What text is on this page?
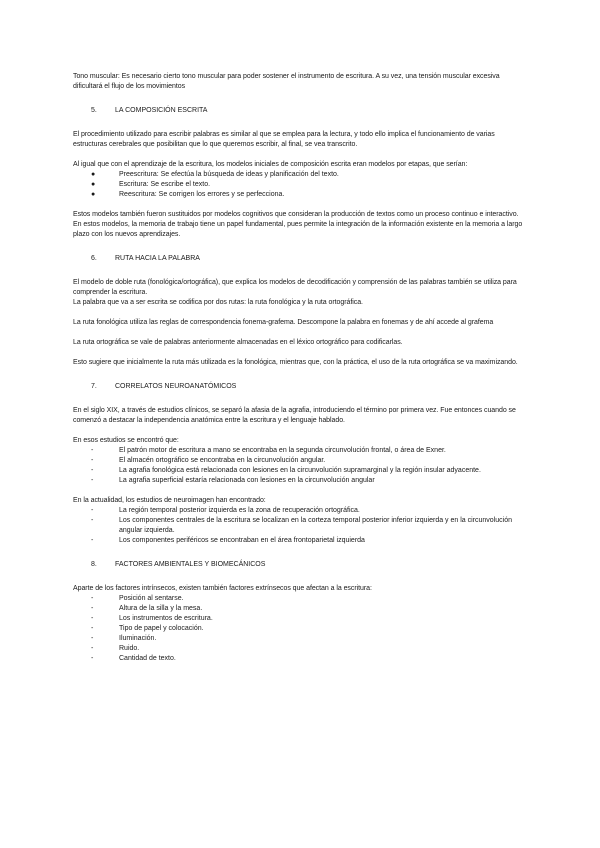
Tono muscular: Es necesario cierto tono muscular para poder sostener el instrumento de escritura. A su vez, una tensión muscular excesiva dificultará el flujo de los movimientos

5.	LA COMPOSICIÓN ESCRITA

El procedimiento utilizado para escribir palabras es similar al que se emplea para la lectura, y todo ello implica el funcionamiento de varias estructuras cerebrales que posibilitan que lo que queremos escribir, al final, se vea transcrito.

Al igual que con el aprendizaje de la escritura, los modelos iniciales de composición escrita eran modelos por etapas, que serían:

●	Preescritura: Se efectúa la búsqueda de ideas y planificación del texto.
●	Escritura: Se escribe el texto.
●	Reescritura: Se corrigen los errores y se perfecciona.

Estos modelos también fueron sustituidos por modelos cognitivos que consideran la producción de textos como un proceso continuo e interactivo.

En estos modelos, la memoria de trabajo tiene un papel fundamental, pues permite la integración de la información existente en la memoria a largo plazo con los nuevos aprendizajes.

6.	RUTA HACIA LA PALABRA

El modelo de doble ruta (fonológica/ortográfica), que explica los modelos de decodificación y comprensión de las palabras también se utiliza para comprender la escritura.

La palabra que va a ser escrita se codifica por dos rutas: la ruta fonológica y la ruta ortográfica.

La ruta fonológica utiliza las reglas de correspondencia fonema-grafema. Descompone la palabra en fonemas y de ahí accede al grafema

La ruta ortográfica se vale de palabras anteriormente almacenadas en el léxico ortográfico para codificarlas.

Esto sugiere que inicialmente la ruta más utilizada es la fonológica, mientras que, con la práctica, el uso de la ruta ortográfica se va maximizando.

7.	CORRELATOS NEUROANATÓMICOS

En el siglo XIX, a través de estudios clínicos, se separó la afasia de la agrafia, introduciendo el término por primera vez. Fue entonces cuando se comenzó a destacar la independencia anatómica entre la escritura y el lenguaje hablado.

En esos estudios se encontró que:

-	El patrón motor de escritura a mano se encontraba en la segunda circunvolución frontal, o área de Exner.
-	El almacén ortográfico se encontraba en la circunvolución angular.
-	La agrafia fonológica está relacionada con lesiones en la circunvolución supramarginal y la región insular adyacente.
-	La agrafia superficial estaría relacionada con lesiones en la circunvolución angular

En la actualidad, los estudios de neuroimagen han encontrado:

-	La región temporal posterior izquierda es la zona de recuperación ortográfica.
-	Los componentes centrales de la escritura se localizan en la corteza temporal posterior inferior izquierda y en la circunvolución angular izquierda.
-	Los componentes periféricos se encontraban en el área frontoparietal izquierda
8.	FACTORES AMBIENTALES Y BIOMECÁNICOS

Aparte de los factores intrínsecos, existen también factores extrínsecos que afectan a la escritura:

-	Posición al sentarse.
-	Altura de la silla y la mesa.
-	Los instrumentos de escritura.
-	Tipo de papel y colocación.
-	Iluminación.
-	Ruido.
-	Cantidad de texto.
